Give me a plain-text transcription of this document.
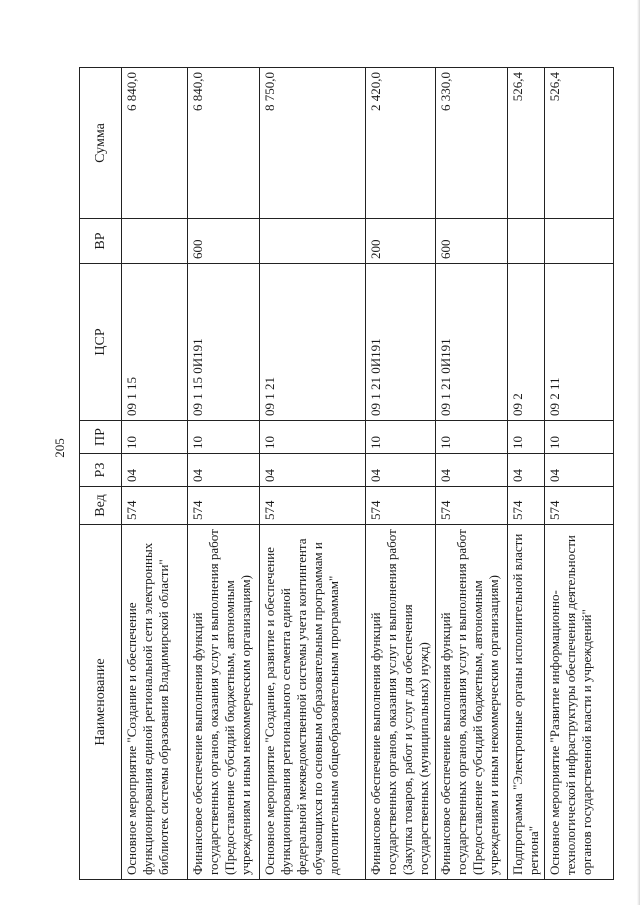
205
Наименование	Вед	РЗ	ПР	ЦСР	ВР	Сумма
Основное мероприятие "Создание и обеспечение функционирования единой региональной сети электронных библиотек системы образования Владимирской области"	574	04	10	09 1 15		6 840,0
Финансовое обеспечение выполнения функций государственных органов, оказания услуг и выполнения работ (Предоставление субсидий бюджетным, автономным учреждениям и иным некоммерческим организациям)	574	04	10	09 1 15 0И191	600	6 840,0
Основное мероприятие "Создание, развитие и обеспечение функционирования регионального сегмента единой федеральной межведомственной системы учета контингента обучающихся по основным образовательным программам и дополнительным общеобразовательным программам"	574	04	10	09 1 21		8 750,0
Финансовое обеспечение выполнения функций государственных органов, оказания услуг и выполнения работ (Закупка товаров, работ и услуг для обеспечения государственных (муниципальных) нужд)	574	04	10	09 1 21 0И191	200	2 420,0
Финансовое обеспечение выполнения функций государственных органов, оказания услуг и выполнения работ (Предоставление субсидий бюджетным, автономным учреждениям и иным некоммерческим организациям)	574	04	10	09 1 21 0И191	600	6 330,0
Подпрограмма "Электронные органы исполнительной власти региона"	574	04	10	09 2		526,4
Основное мероприятие "Развитие информационно-технологической инфраструктуры обеспечения деятельности органов государственной власти и учреждений"	574	04	10	09 2 11		526,4
